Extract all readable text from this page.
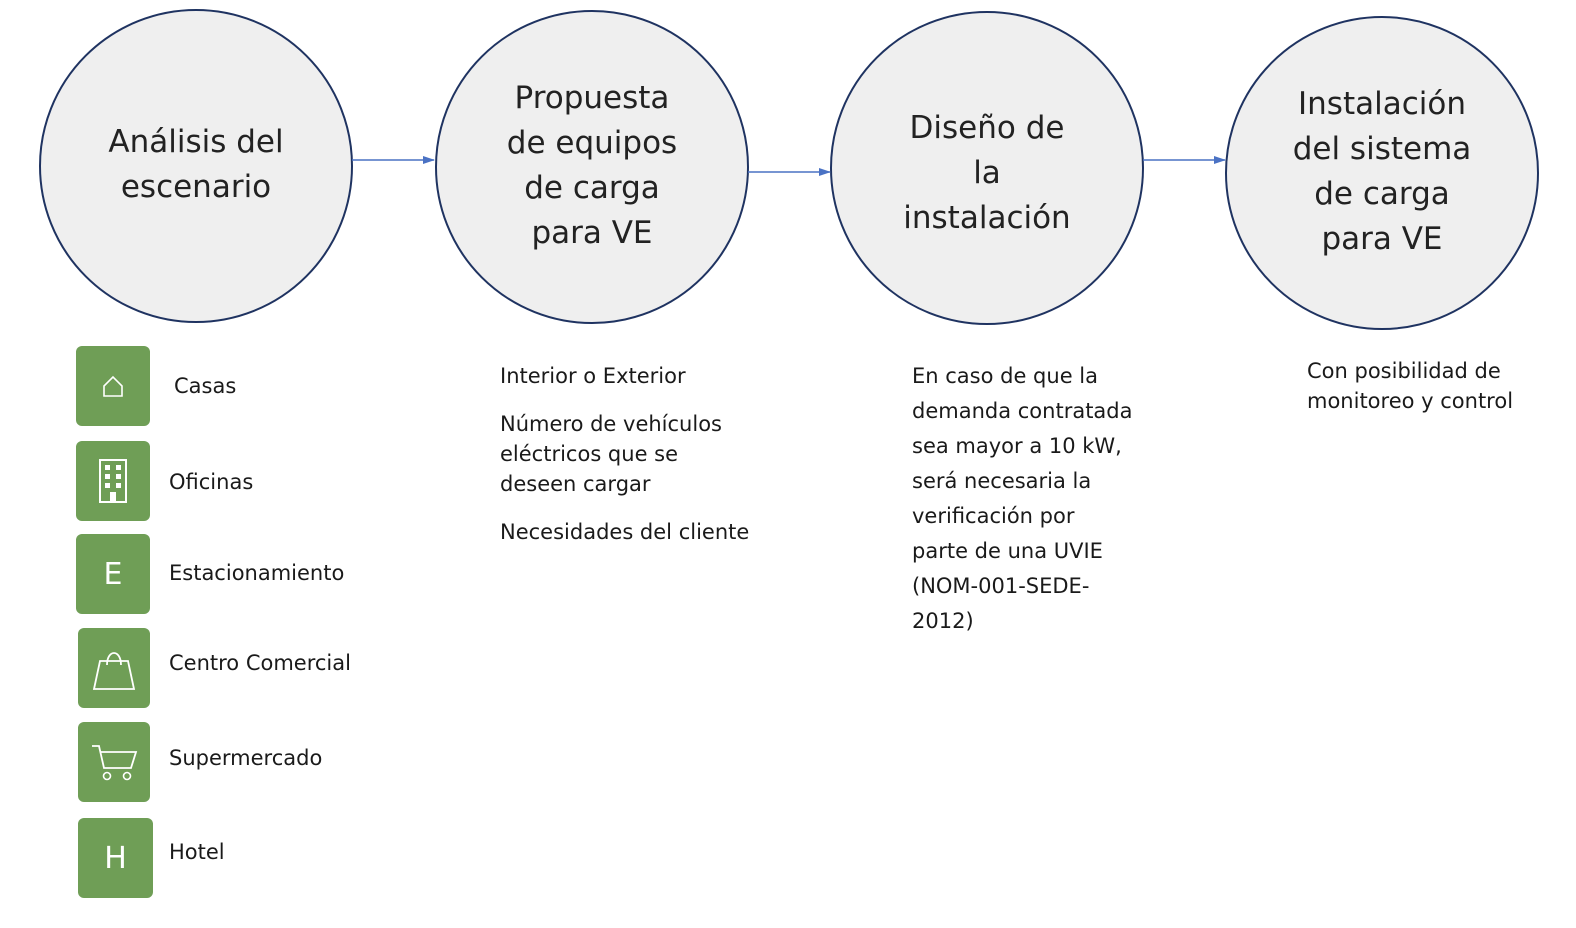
Análisis del
escenario
Propuesta
de equipos
de carga
para VE
Diseño de
la
instalación
Instalación
del sistema
de carga
para VE
Casas
Oficinas
E Estacionamiento
Centro Comercial
Supermercado
H Hotel

Interior o Exterior

Número de vehículos eléctricos que se deseen cargar

Necesidades del cliente

En caso de que la demanda contratada sea mayor a 10 kW, será necesaria la verificación por parte de una UVIE (NOM-001-SEDE-2012)
Con posibilidad de monitoreo y control
